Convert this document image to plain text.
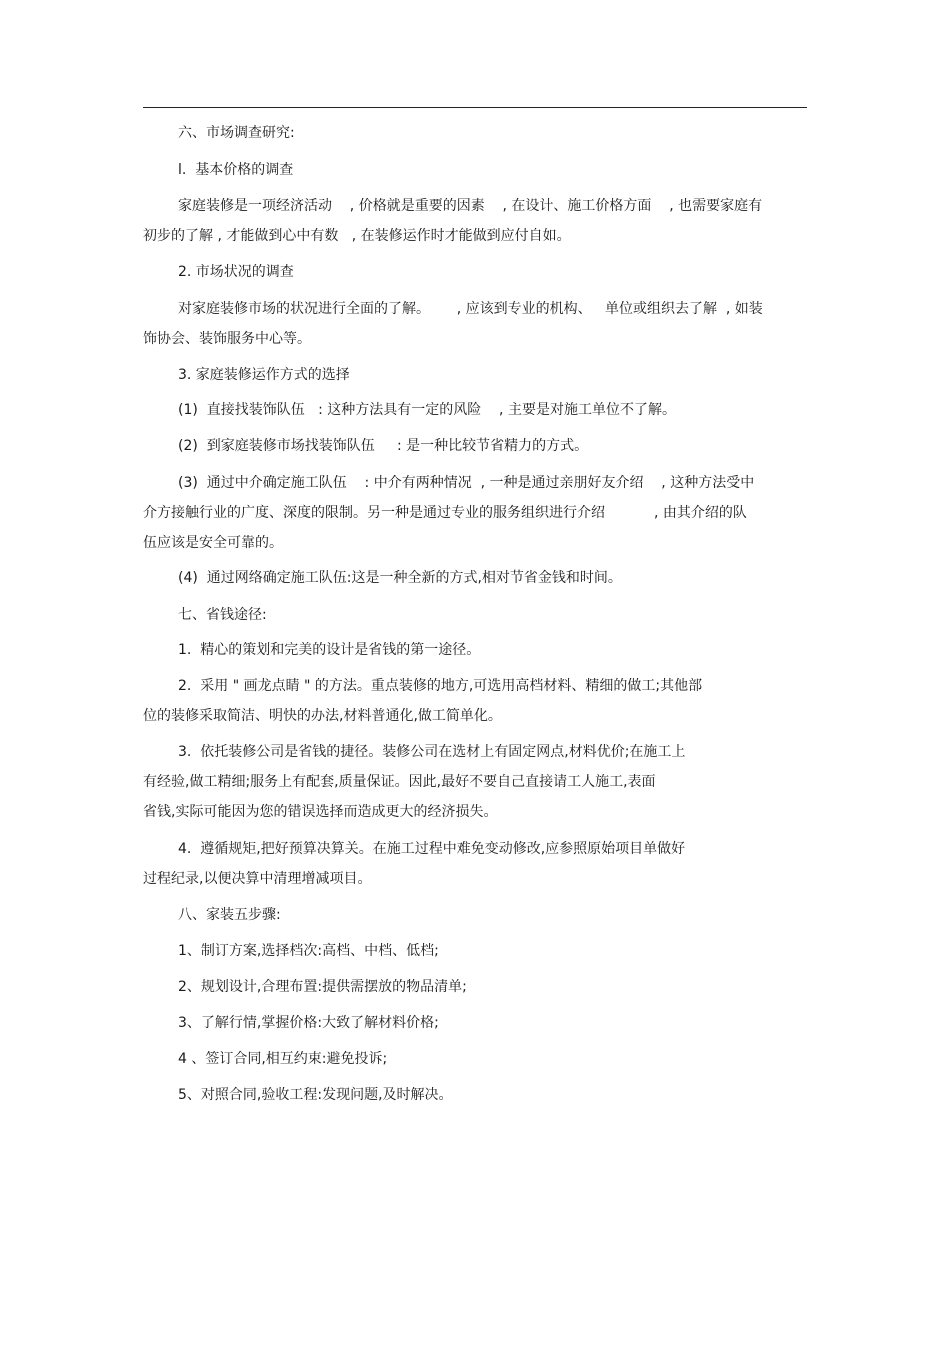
六、市场调查研究:
l.  基本价格的调查
家庭装修是一项经济活动    , 价格就是重要的因素    , 在设计、施工价格方面    , 也需要家庭有
初步的了解 , 才能做到心中有数   , 在装修运作时才能做到应付自如。
2. 市场状况的调查
对家庭装修市场的状况进行全面的了解。      , 应该到专业的机构、   单位或组织去了解  , 如装
饰协会、装饰服务中心等。
3. 家庭装修运作方式的选择
(1)  直接找装饰队伍   : 这种方法具有一定的风险    , 主要是对施工单位不了解。
(2)  到家庭装修市场找装饰队伍     : 是一种比较节省精力的方式。
(3)  通过中介确定施工队伍    : 中介有两种情况  , 一种是通过亲朋好友介绍    , 这种方法受中
介方接触行业的广度、深度的限制。另一种是通过专业的服务组织进行介绍           , 由其介绍的队
伍应该是安全可靠的。
(4)  通过网络确定施工队伍:这是一种全新的方式,相对节省金钱和时间。
七、省钱途径:
1.  精心的策划和完美的设计是省钱的第一途径。
2.  采用 " 画龙点睛 " 的方法。重点装修的地方,可选用高档材料、精细的做工;其他部
位的装修采取简洁、明快的办法,材料普通化,做工简单化。
3.  依托装修公司是省钱的捷径。装修公司在选材上有固定网点,材料优价;在施工上
有经验,做工精细;服务上有配套,质量保证。因此,最好不要自己直接请工人施工,表面
省钱,实际可能因为您的错误选择而造成更大的经济损失。
4.  遵循规矩,把好预算决算关。在施工过程中难免变动修改,应参照原始项目单做好
过程纪录,以便决算中清理增减项目。
八、家装五步骤:
1、制订方案,选择档次:高档、中档、低档;
2、规划设计,合理布置:提供需摆放的物品清单;
3、了解行情,掌握价格:大致了解材料价格;
4 、签订合同,相互约束:避免投诉;
5、对照合同,验收工程:发现问题,及时解决。
